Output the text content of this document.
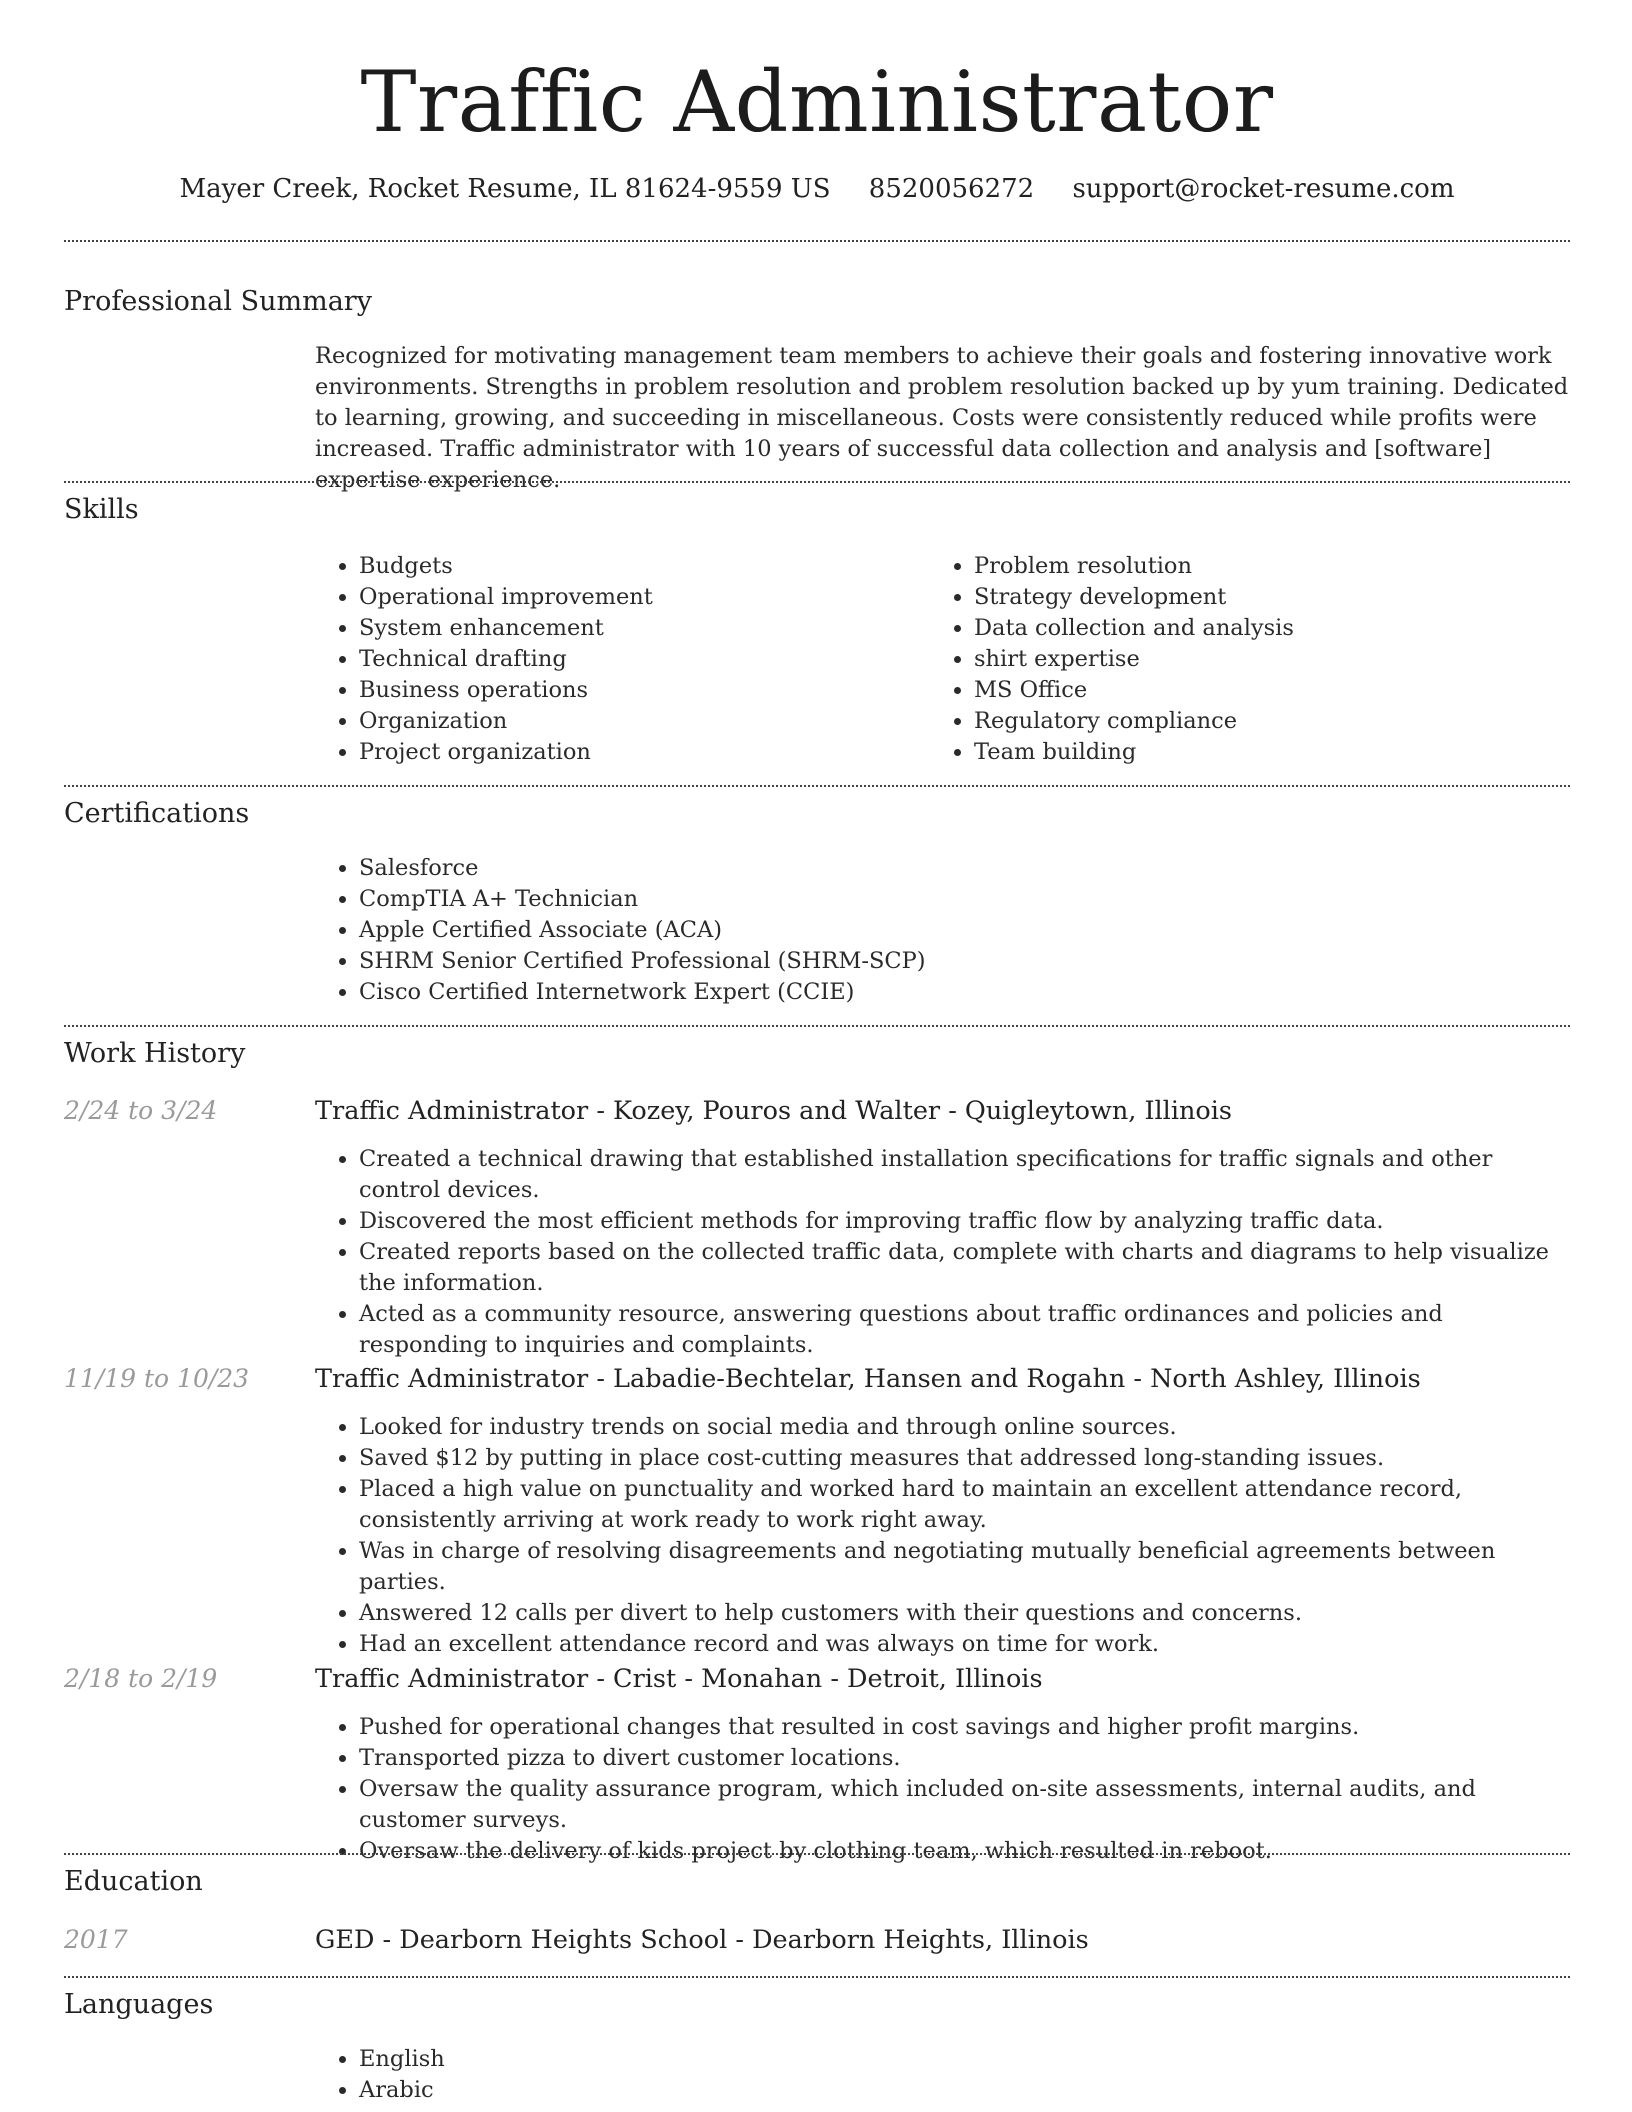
Traffic Administrator
Mayer Creek, Rocket Resume, IL 81624-9559 US 8520056272 support@rocket-resume.com
Professional Summary
Recognized for motivating management team members to achieve their goals and fostering innovative work environments. Strengths in problem resolution and problem resolution backed up by yum training. Dedicated to learning, growing, and succeeding in miscellaneous. Costs were consistently reduced while profits were increased. Traffic administrator with 10 years of successful data collection and analysis and [software] expertise experience.
Skills
• Budgets
• Operational improvement
• System enhancement
• Technical drafting
• Business operations
• Organization
• Project organization
• Problem resolution
• Strategy development
• Data collection and analysis
• shirt expertise
• MS Office
• Regulatory compliance
• Team building
Certifications
• Salesforce
• CompTIA A+ Technician
• Apple Certified Associate (ACA)
• SHRM Senior Certified Professional (SHRM-SCP)
• Cisco Certified Internetwork Expert (CCIE)
Work History
2/24 to 3/24	Traffic Administrator - Kozey, Pouros and Walter - Quigleytown, Illinois
• Created a technical drawing that established installation specifications for traffic signals and other control devices.
• Discovered the most efficient methods for improving traffic flow by analyzing traffic data.
• Created reports based on the collected traffic data, complete with charts and diagrams to help visualize the information.
• Acted as a community resource, answering questions about traffic ordinances and policies and responding to inquiries and complaints.
11/19 to 10/23	Traffic Administrator - Labadie-Bechtelar, Hansen and Rogahn - North Ashley, Illinois
• Looked for industry trends on social media and through online sources.
• Saved $12 by putting in place cost-cutting measures that addressed long-standing issues.
• Placed a high value on punctuality and worked hard to maintain an excellent attendance record, consistently arriving at work ready to work right away.
• Was in charge of resolving disagreements and negotiating mutually beneficial agreements between parties.
• Answered 12 calls per divert to help customers with their questions and concerns.
• Had an excellent attendance record and was always on time for work.
2/18 to 2/19	Traffic Administrator - Crist - Monahan - Detroit, Illinois
• Pushed for operational changes that resulted in cost savings and higher profit margins.
• Transported pizza to divert customer locations.
• Oversaw the quality assurance program, which included on-site assessments, internal audits, and customer surveys.
• Oversaw the delivery of kids project by clothing team, which resulted in reboot.
Education
2017	GED - Dearborn Heights School - Dearborn Heights, Illinois
Languages
• English
• Arabic
